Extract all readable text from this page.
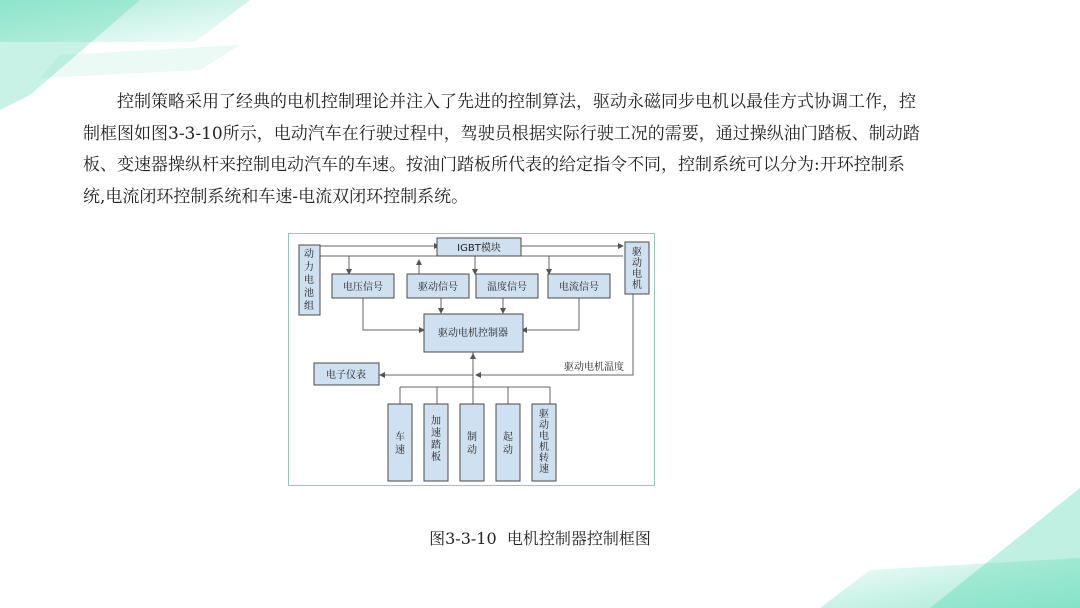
控制策略采用了经典的电机控制理论并注入了先进的控制算法，驱动永磁同步电机以最佳方式协调工作，控制框图如图3-3-10所示，电动汽车在行驶过程中，驾驶员根据实际行驶工况的需要，通过操纵油门踏板、制动踏板、变速器操纵杆来控制电动汽车的车速。按油门踏板所代表的给定指令不同，控制系统可以分为:开环控制系统,电流闭环控制系统和车速-电流双闭环控制系统。

IGBT模块
电压信号	驱动信号	温度信号	电流信号
驱动电机控制器
电子仪表
驱动电机温度
动
力
电
池
组
驱
动
电
机
车
速
加
速
踏
板
制
动
起
动
驱
动
电
机
转
速
图3-3-10 电机控制器控制框图
